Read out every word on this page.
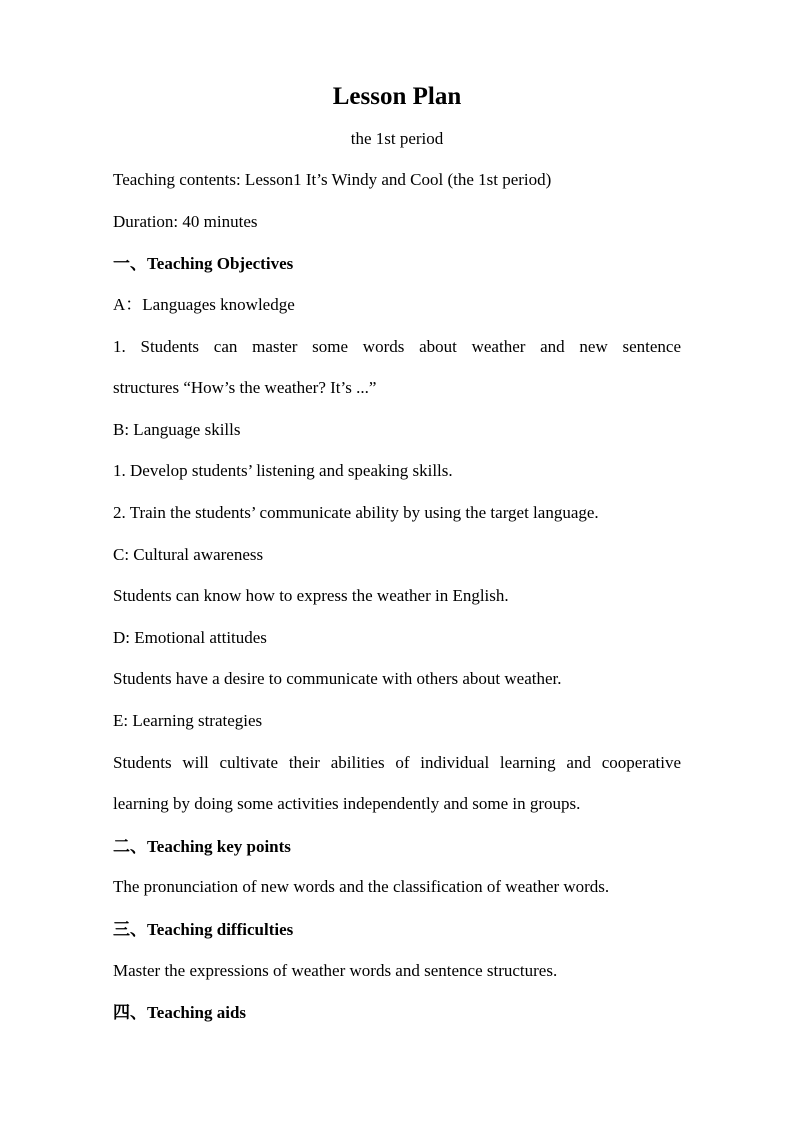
Lesson Plan
the 1st period
Teaching contents: Lesson1 It’s Windy and Cool (the 1st period)
Duration: 40 minutes
一、Teaching Objectives
A：Languages knowledge
1. Students can master some words about weather and new sentence
structures “How’s the weather? It’s ...”
B: Language skills
1. Develop students’ listening and speaking skills.
2. Train the students’ communicate ability by using the target language.
C: Cultural awareness
Students can know how to express the weather in English.
D: Emotional attitudes
Students have a desire to communicate with others about weather.
E: Learning strategies
Students will cultivate their abilities of individual learning and cooperative
learning by doing some activities independently and some in groups.
二、Teaching key points
The pronunciation of new words and the classification of weather words.
三、Teaching difficulties
Master the expressions of weather words and sentence structures.
四、Teaching aids
